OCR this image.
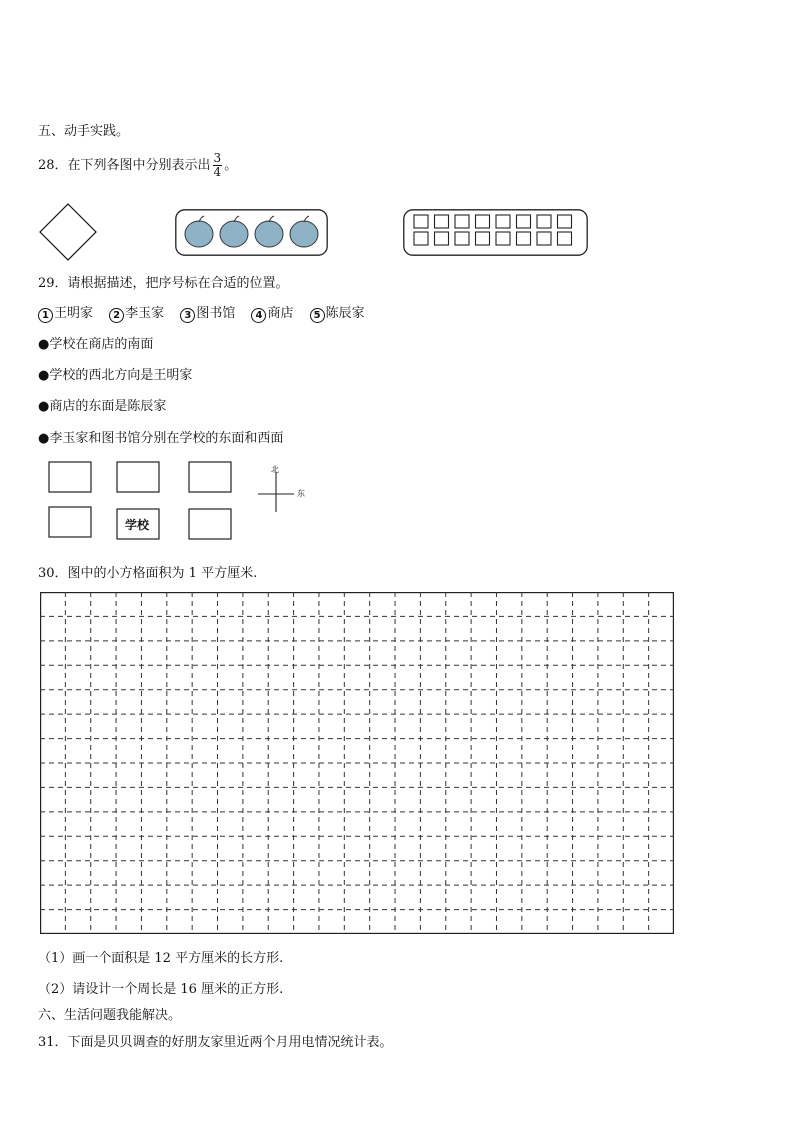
五、动手实践。
28．在下列各图中分别表示出 $\frac{3}{4}$ 。
29．请根据描述，把序号标在合适的位置。
1 王明家 2 李玉家 3 图书馆 4 商店 5 陈辰家
●学校在商店的南面
●学校的西北方向是王明家
●商店的东面是陈辰家
●李玉家和图书馆分别在学校的东面和西面
学校
北
东
30．图中的小方格面积为 1 平方厘米.
（1）画一个面积是 12 平方厘米的长方形.
（2）请设计一个周长是 16 厘米的正方形.
六、生活问题我能解决。
31．下面是贝贝调查的好朋友家里近两个月用电情况统计表。
